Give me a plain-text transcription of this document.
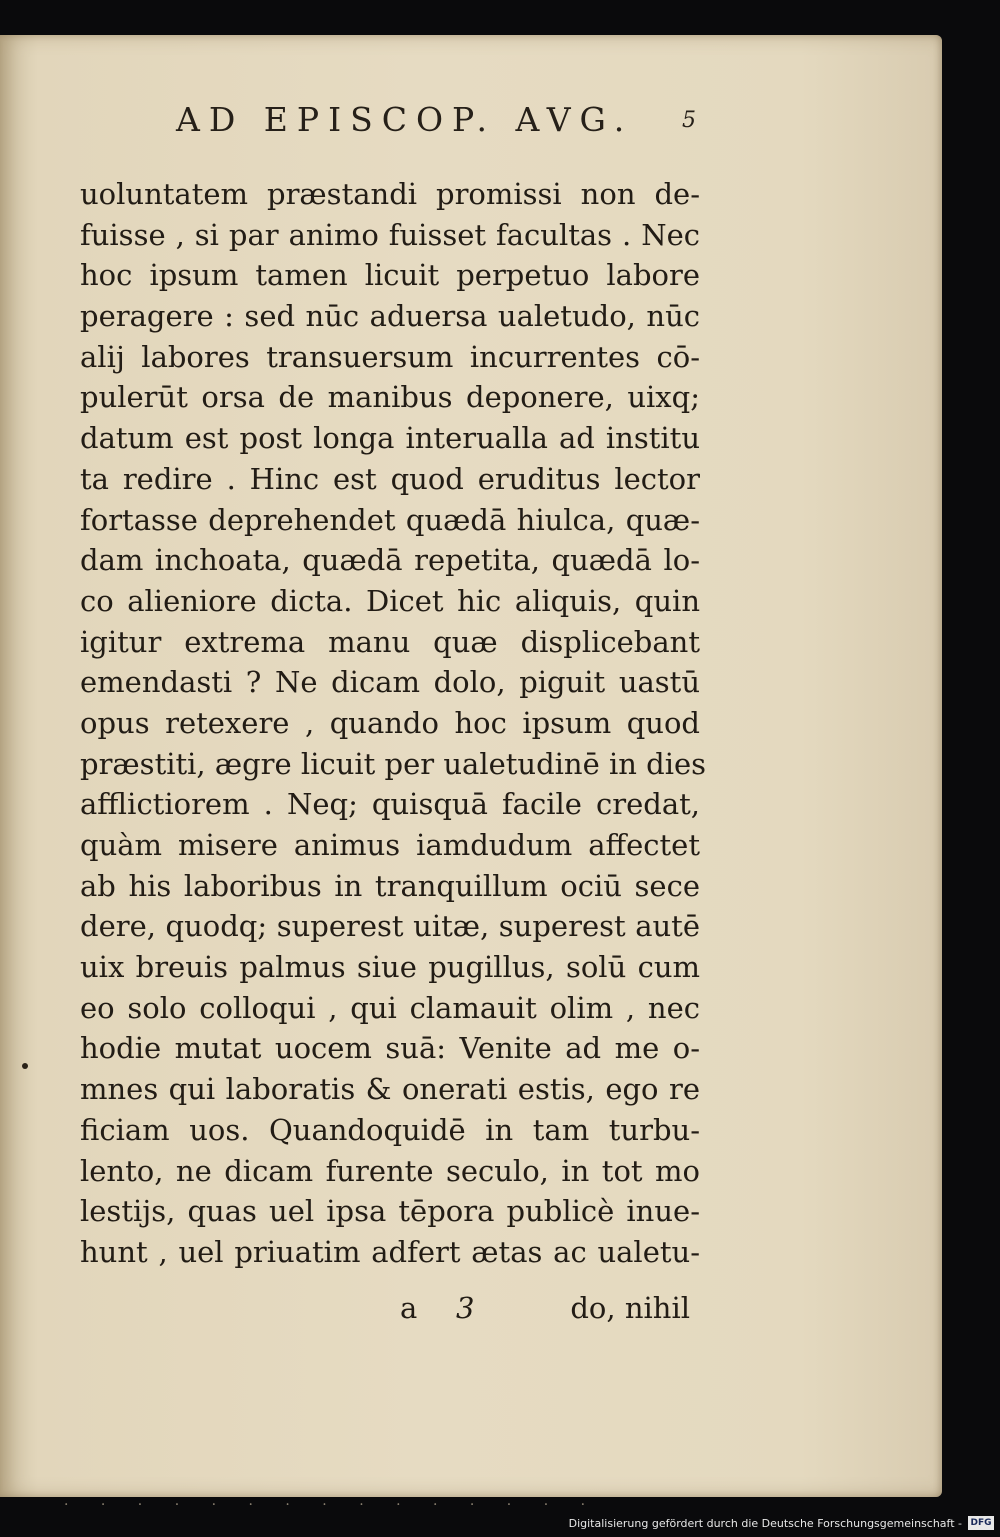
AD EPISCOP. AVG. 5
uoluntatem præstandi promissi non de-
fuisse , si par animo fuisset facultas . Nec
hoc ipsum tamen licuit perpetuo labore
peragere : sed nūc aduersa ualetudo, nūc
alij labores transuersum incurrentes cō-
pulerūt orsa de manibus deponere, uixq;
datum est post longa interualla ad institu
ta redire . Hinc est quod eruditus lector
fortasse deprehendet quædā hiulca, quæ-
dam inchoata, quædā repetita, quædā lo-
co alieniore dicta. Dicet hic aliquis, quin
igitur extrema manu quæ displicebant
emendasti ? Ne dicam dolo, piguit uastū
opus retexere , quando hoc ipsum quod
præstiti, ægre licuit per ualetudinē in dies
afflictiorem . Neq; quisquā facile credat,
quàm misere animus iamdudum affectet
ab his laboribus in tranquillum ociū sece
dere, quodq; superest uitæ, superest autē
uix breuis palmus siue pugillus, solū cum
eo solo colloqui , qui clamauit olim , nec
hodie mutat uocem suā: Venite ad me o-
mnes qui laboratis & onerati estis, ego re
ficiam uos. Quandoquidē in tam turbu-
lento, ne dicam furente seculo, in tot mo
lestijs, quas uel ipsa tēpora publicè inue-
hunt , uel priuatim adfert ætas ac ualetu-
a 3	do, nihil
· · · · · · · · · · · · · · ·
Digitalisierung gefördert durch die Deutsche Forschungsgemeinschaft - DFG
